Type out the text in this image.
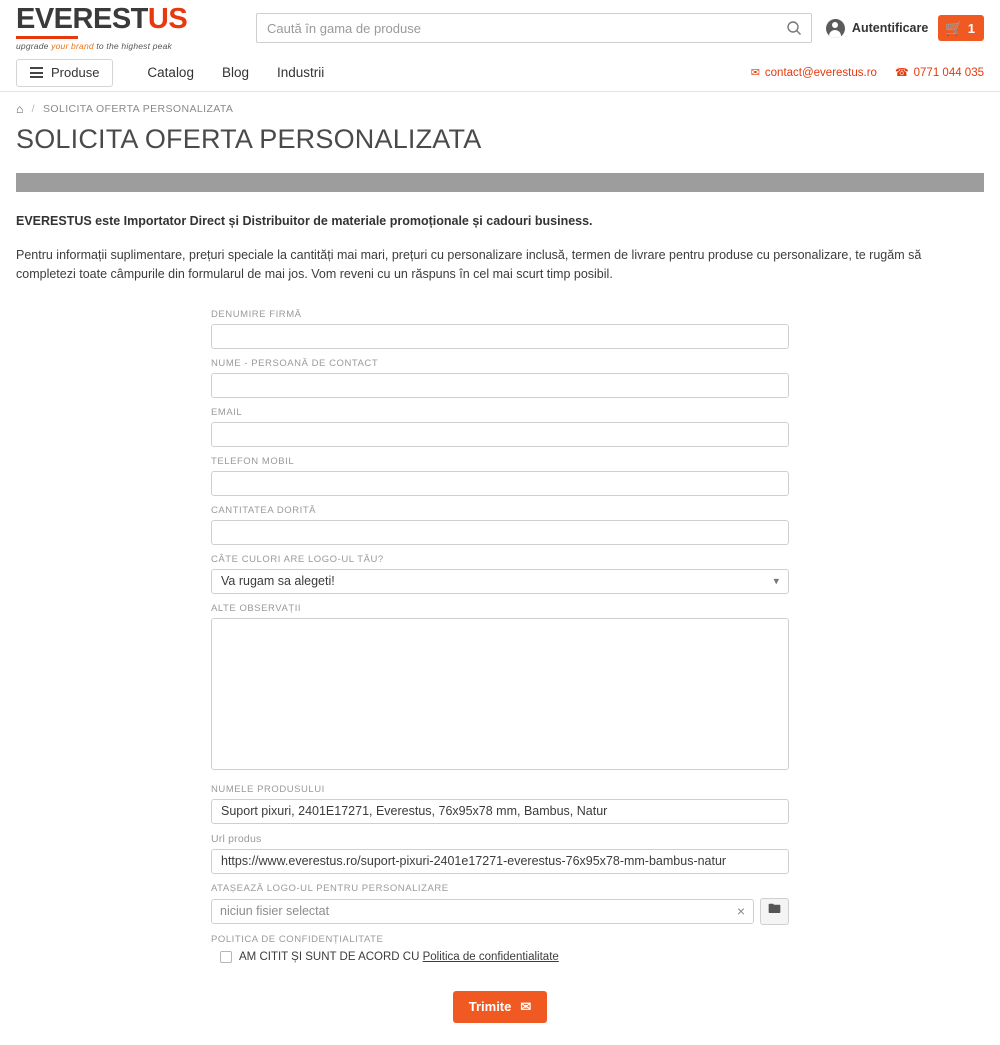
EVERESTUS
upgrade your brand to the highest peak
Caută în gama de produse
Autentificare 🛒 1
Produse	Catalog Blog Industrii	✉ contact@everestus.ro ☎ 0771 044 035
⌂ / SOLICITA OFERTA PERSONALIZATA
SOLICITA OFERTA PERSONALIZATA
EVERESTUS este Importator Direct și Distribuitor de materiale promoționale și cadouri business.
Pentru informații suplimentare, prețuri speciale la cantități mai mari, prețuri cu personalizare inclusă, termen de livrare pentru produse cu personalizare, te rugăm să completezi toate câmpurile din formularul de mai jos. Vom reveni cu un răspuns în cel mai scurt timp posibil.
DENUMIRE FIRMĂ
NUME - PERSOANĂ DE CONTACT
EMAIL
TELEFON MOBIL
CANTITATEA DORITĂ
CÂTE CULORI ARE LOGO-UL TĂU?
Va rugam sa alegeti!	▾
ALTE OBSERVAȚII
NUMELE PRODUSULUI
Suport pixuri, 2401E17271, Everestus, 76x95x78 mm, Bambus, Natur
Url produs
https://www.everestus.ro/suport-pixuri-2401e17271-everestus-76x95x78-mm-bambus-natur
ATAȘEAZĂ LOGO-UL PENTRU PERSONALIZARE
niciun fisier selectat	×	🖿
POLITICA DE CONFIDENȚIALITATE
AM CITIT ȘI SUNT DE ACORD CU Politica de confidentialitate
Trimite ✉
